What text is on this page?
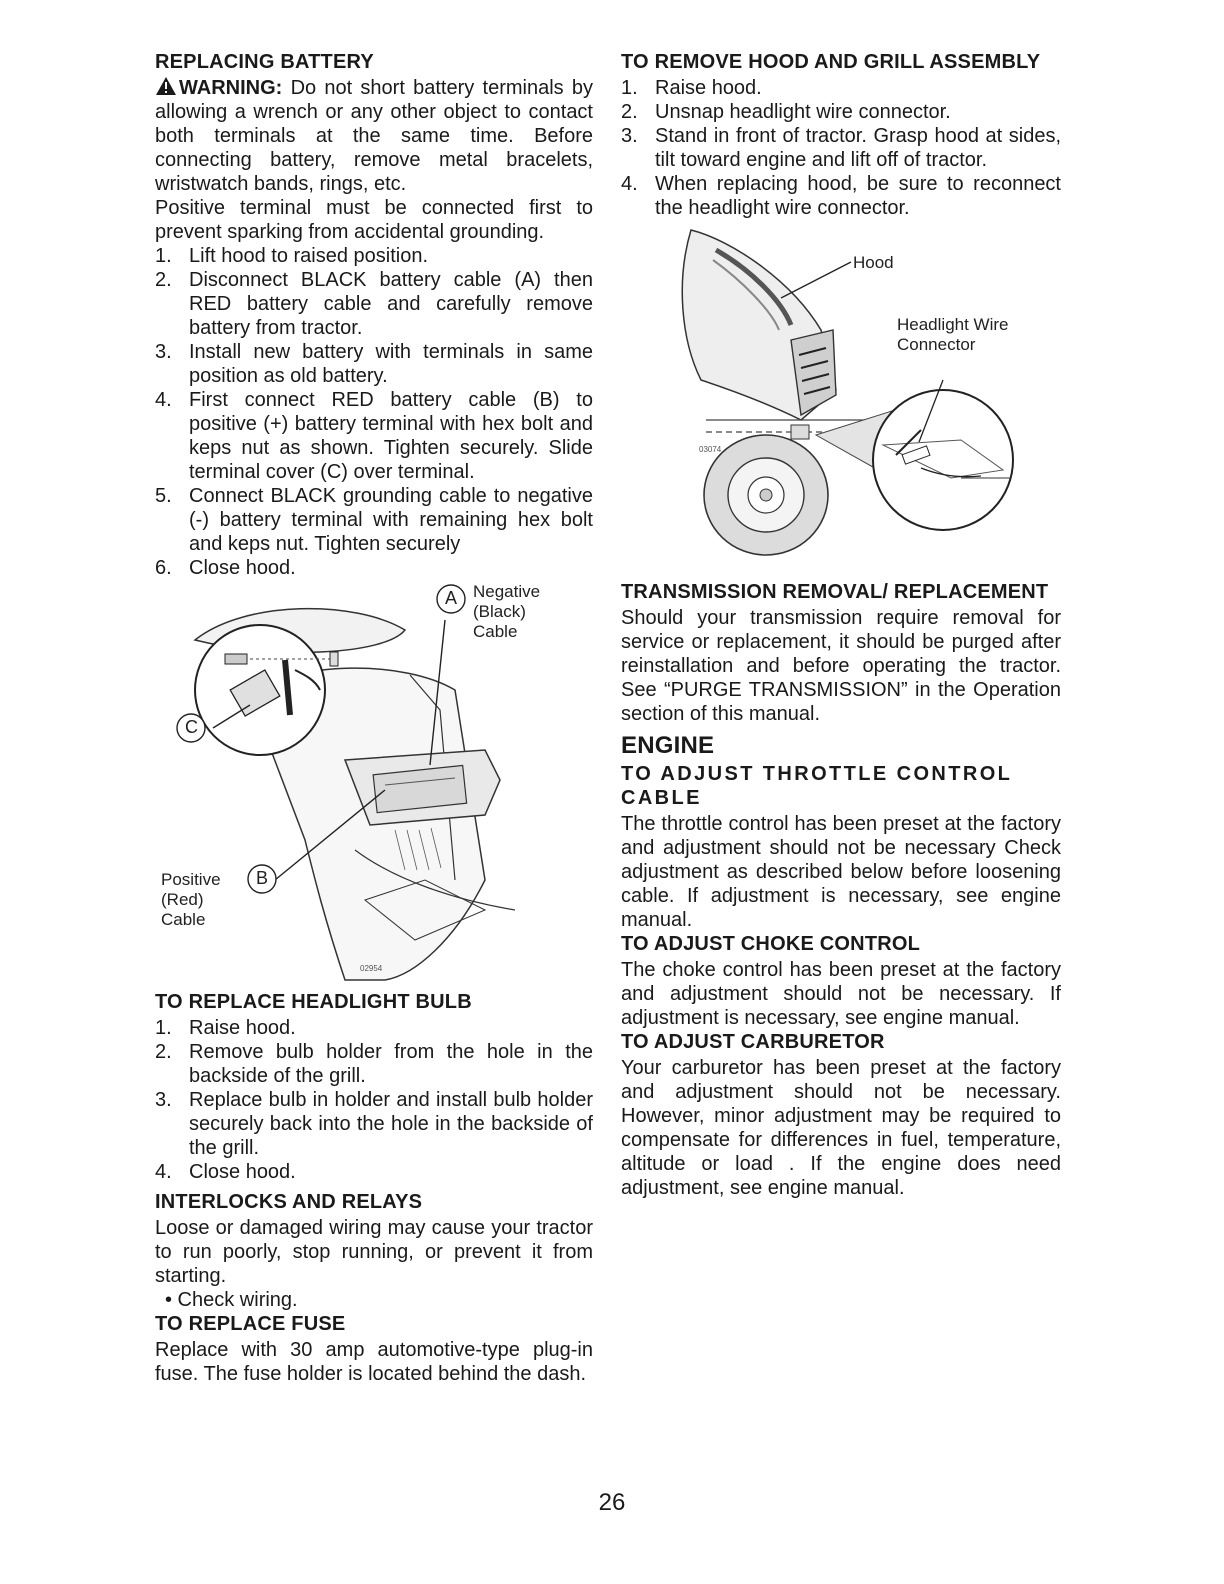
REPLACING BATTERY

WARNING: Do not short battery terminals by allowing a wrench or any other object to contact both terminals at the same time. Before connecting battery, remove metal bracelets, wristwatch bands, rings, etc.

Positive terminal must be connected first to prevent sparking from accidental grounding.

1. Lift hood to raised position.
2. Disconnect BLACK battery cable (A) then RED battery cable and carefully remove battery from tractor.
3. Install new battery with terminals in same position as old battery.
4. First connect RED battery cable (B) to positive (+) battery terminal with hex bolt and keps nut as shown. Tighten securely. Slide terminal cover (C) over terminal.
5. Connect BLACK grounding cable to negative (-) battery terminal with remaining hex bolt and keps nut. Tighten securely
6. Close hood.
A
C
B
Negative
(Black)
Cable
Positive
(Red)
Cable
02954
TO REPLACE HEADLIGHT BULB
1. Raise hood.
2. Remove bulb holder from the hole in the backside of the grill.
3. Replace bulb in holder and install bulb holder securely back into the hole in the backside of the grill.
4. Close hood.
INTERLOCKS AND RELAYS

Loose or damaged wiring may cause your tractor to run poorly, stop running, or prevent it from starting.

• Check wiring.

TO REPLACE FUSE

Replace with 30 amp automotive-type plug-in fuse. The fuse holder is located behind the dash.

TO REMOVE HOOD AND GRILL ASSEMBLY
1. Raise hood.
2. Unsnap headlight wire connector.
3. Stand in front of tractor. Grasp hood at sides, tilt toward engine and lift off of tractor.
4. When replacing hood, be sure to reconnect the headlight wire connector.
Hood
Headlight Wire
Connector
03074
TRANSMISSION REMOVAL/ REPLACEMENT

Should your transmission require removal for service or replacement, it should be purged after reinstallation and before operating the tractor. See “PURGE TRANSMISSION” in the Operation section of this manual.

ENGINE
TO ADJUST THROTTLE CONTROL CABLE

The throttle control has been preset at the factory and adjustment should not be necessary Check adjustment as described below before loosening cable. If adjustment is necessary, see engine manual.

TO ADJUST CHOKE CONTROL

The choke control has been preset at the factory and adjustment should not be necessary. If adjustment is necessary, see engine manual.

TO ADJUST CARBURETOR

Your carburetor has been preset at the factory and adjustment should not be necessary. However, minor adjustment may be required to compensate for differences in fuel, temperature, altitude or load . If the engine does need adjustment, see engine manual.

26
